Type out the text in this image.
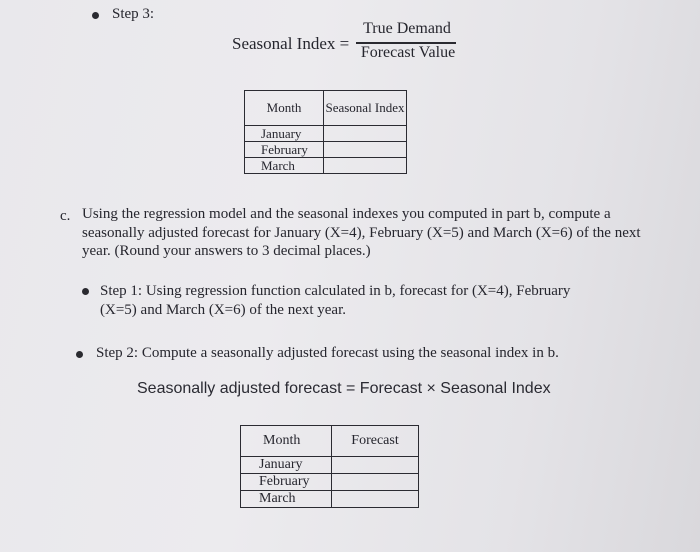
Step 3:
Seasonal Index =
True Demand
Forecast Value
Month	Seasonal Index
January	
February	
March	
c. Using the regression model and the seasonal indexes you computed in part b, compute a seasonally adjusted forecast for January (X=4), February (X=5) and March (X=6) of the next year. (Round your answers to 3 decimal places.)
Step 1: Using regression function calculated in b, forecast for (X=4), February (X=5) and March (X=6) of the next year.
Step 2: Compute a seasonally adjusted forecast using the seasonal index in b.
Seasonally adjusted forecast = Forecast × Seasonal Index
Month	Forecast
January	
February	
March	
